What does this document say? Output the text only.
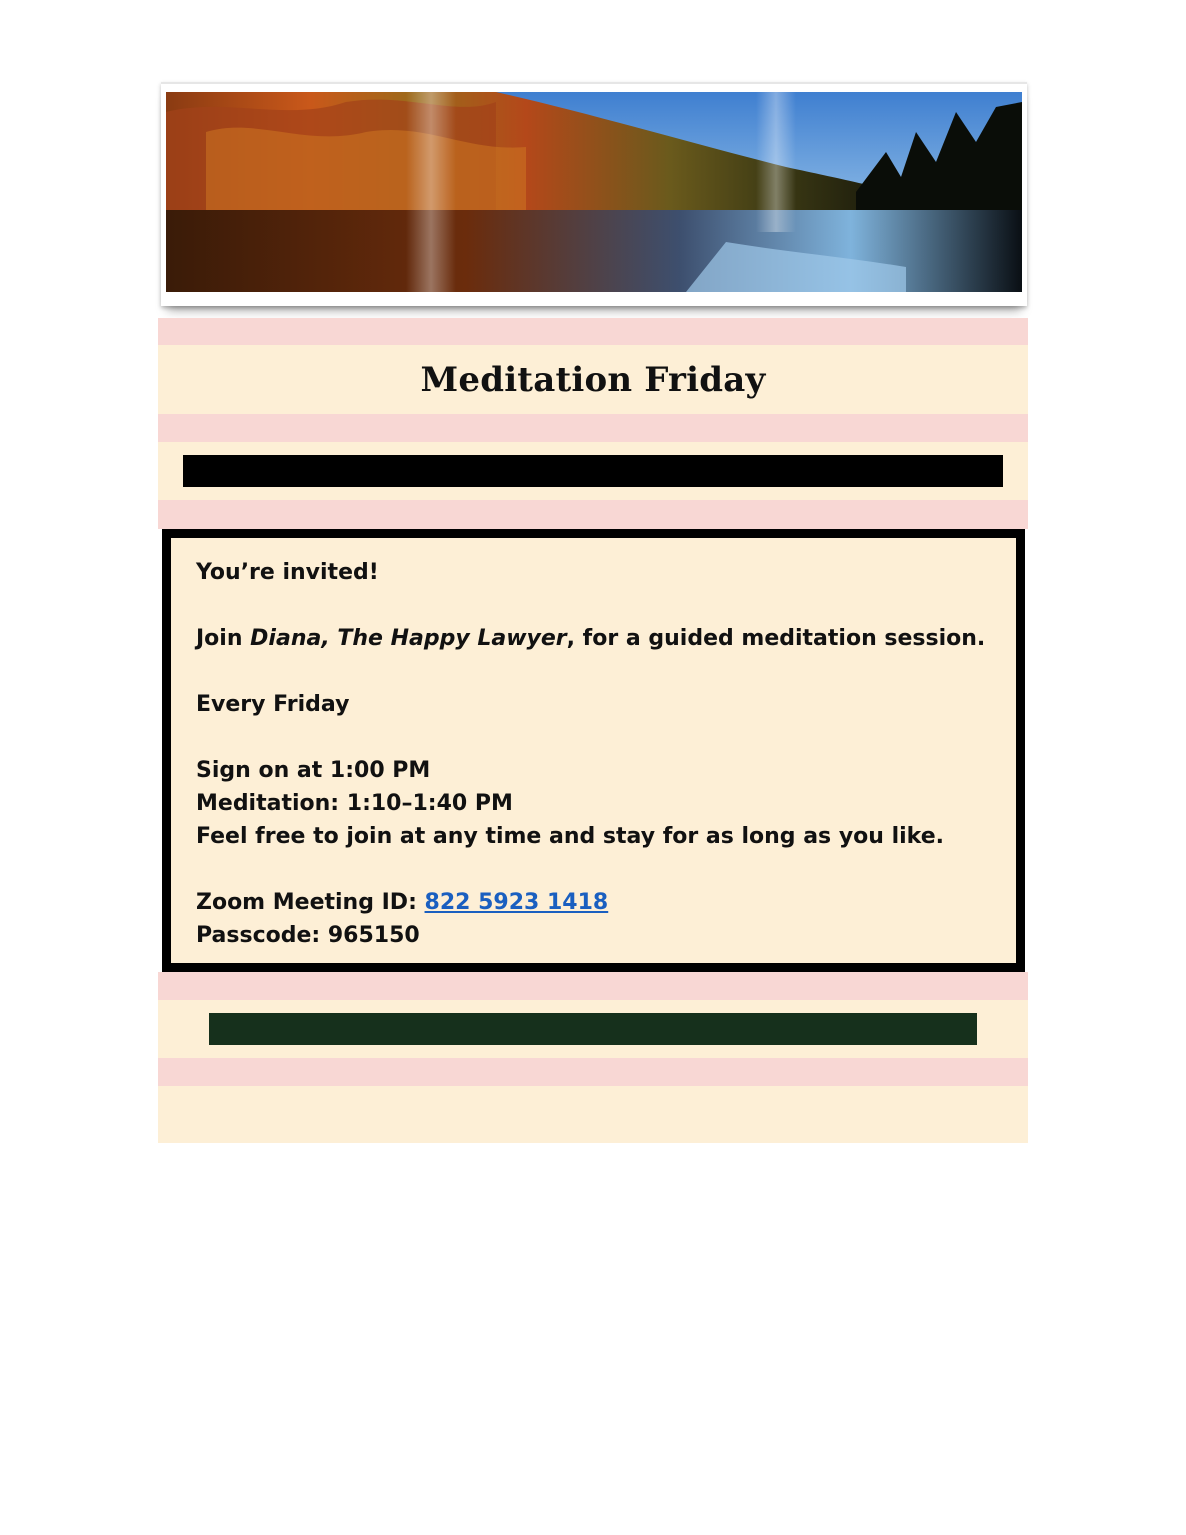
Meditation Friday

You’re invited!

Join Diana, The Happy Lawyer, for a guided meditation session.

Every Friday

Sign on at 1:00 PM

Meditation: 1:10–1:40 PM

Feel free to join at any time and stay for as long as you like.

Zoom Meeting ID: 822 5923 1418

Passcode: 965150
